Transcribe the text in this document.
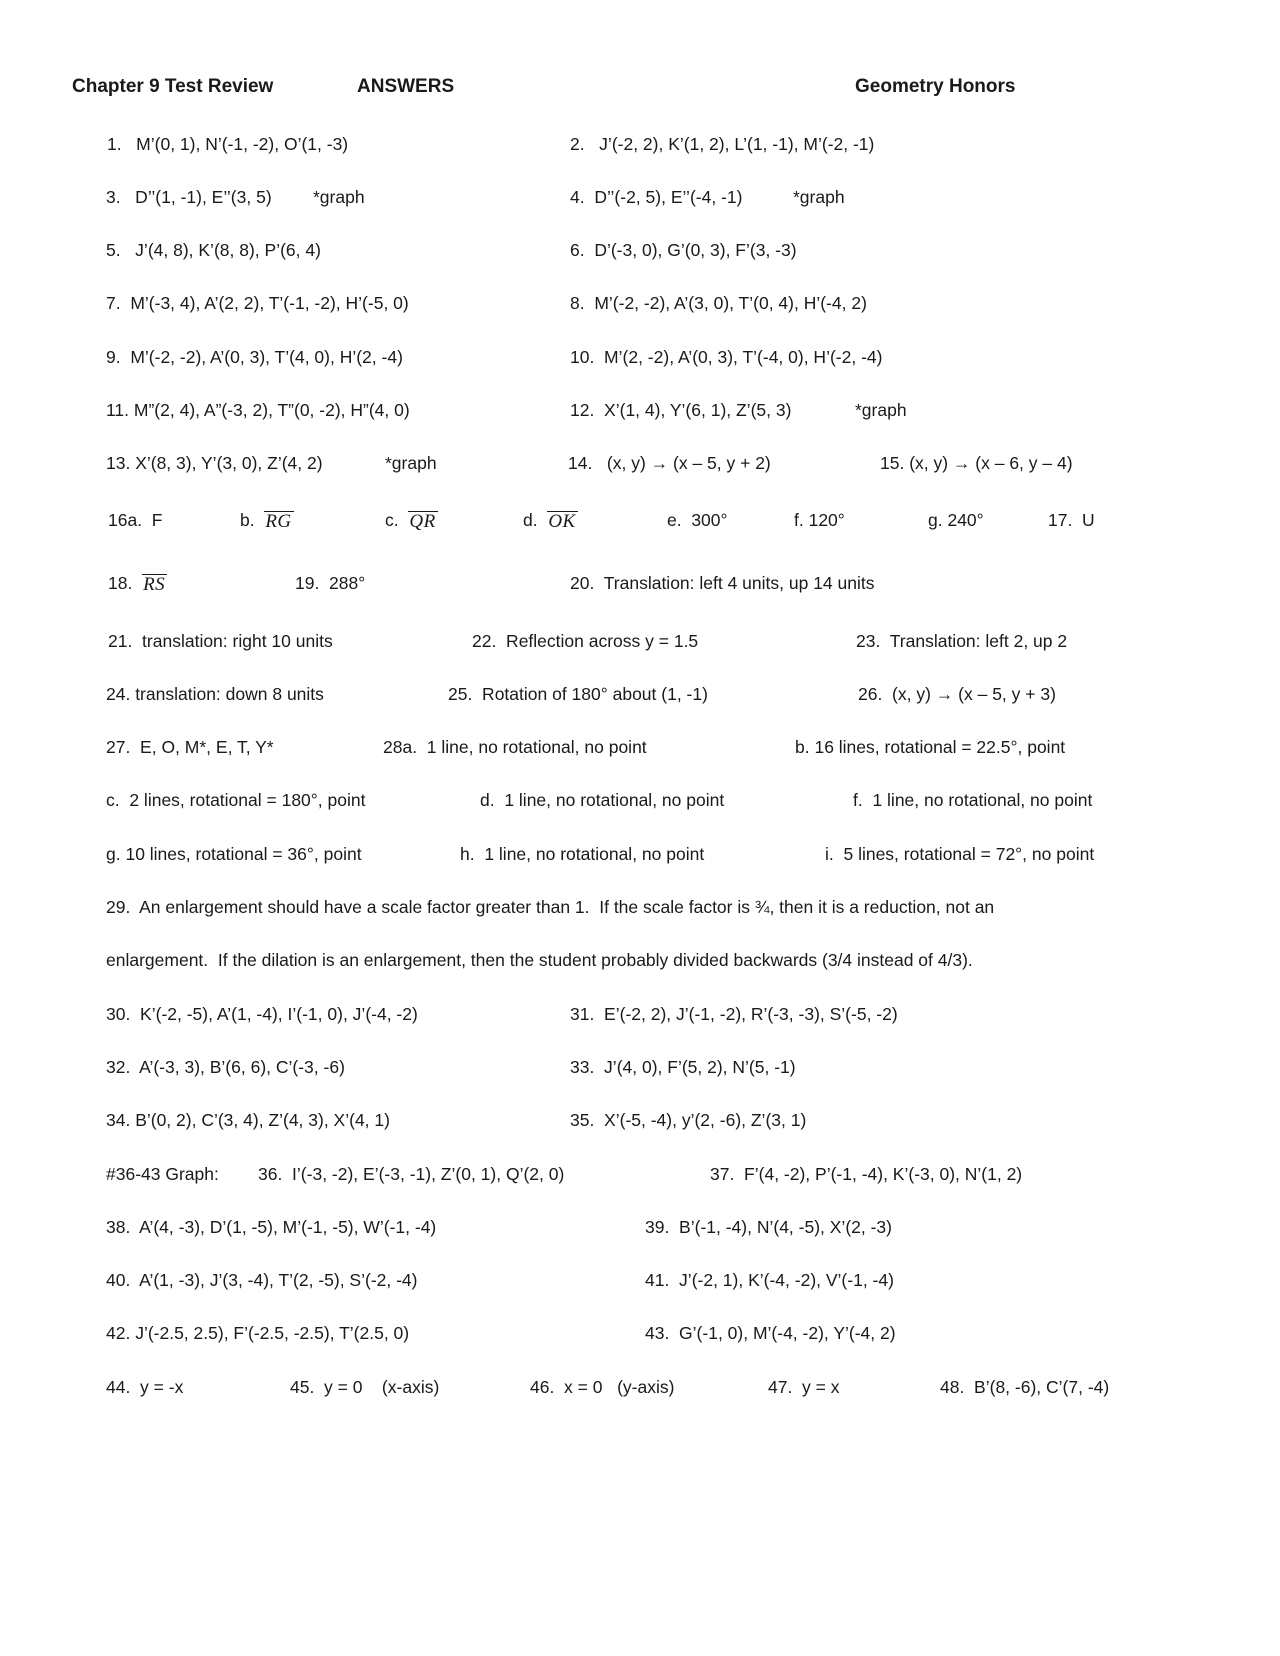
Chapter 9 Test Review	ANSWERS	Geometry Honors
1.   M’(0, 1), N’(-1, -2), O’(1, -3)	2.   J’(-2, 2), K’(1, 2), L’(1, -1), M’(-2, -1)
3.   D’’(1, -1), E’’(3, 5) *graph	4.  D’’(-2, 5), E’’(-4, -1)	*graph
5.   J’(4, 8), K’(8, 8), P’(6, 4)	6.  D’(-3, 0), G’(0, 3), F’(3, -3)
7.  M’(-3, 4), A’(2, 2), T’(-1, -2), H’(-5, 0)	8.  M’(-2, -2), A’(3, 0), T’(0, 4), H’(-4, 2)
9.  M’(-2, -2), A’(0, 3), T’(4, 0), H’(2, -4)	10.  M’(2, -2), A’(0, 3), T’(-4, 0), H’(-2, -4)
11. M”(2, 4), A”(-3, 2), T”(0, -2), H”(4, 0)	12.  X’(1, 4), Y’(6, 1), Z’(5, 3)	*graph
13. X’(8, 3), Y’(3, 0), Z’(4, 2)	*graph	14.   (x, y) → (x – 5, y + 2)	15. (x, y) → (x – 6, y – 4)
16a.  F	b.  RG	c.  QR	d.  OK	e.  300°	f. 120°	g. 240°	17.  U
18.  RS	19.  288°	20.  Translation: left 4 units, up 14 units
21.  translation: right 10 units	22.  Reflection across y = 1.5	23.  Translation: left 2, up 2
24. translation: down 8 units	25.  Rotation of 180° about (1, -1)	26.  (x, y) → (x – 5, y + 3)
27.  E, O, M*, E, T, Y*	28a.  1 line, no rotational, no point	b. 16 lines, rotational = 22.5°, point
c.  2 lines, rotational = 180°, point	d.  1 line, no rotational, no point	f.  1 line, no rotational, no point
g. 10 lines, rotational = 36°, point	h.  1 line, no rotational, no point	i.  5 lines, rotational = 72°, no point
29.  An enlargement should have a scale factor greater than 1.  If the scale factor is ¾, then it is a reduction, not an
enlargement.  If the dilation is an enlargement, then the student probably divided backwards (3/4 instead of 4/3).
30.  K’(-2, -5), A’(1, -4), I’(-1, 0), J’(-4, -2)	31.  E’(-2, 2), J’(-1, -2), R’(-3, -3), S’(-5, -2)
32.  A’(-3, 3), B’(6, 6), C’(-3, -6)	33.  J’(4, 0), F’(5, 2), N’(5, -1)
34. B’(0, 2), C’(3, 4), Z’(4, 3), X’(4, 1)	35.  X’(-5, -4), y’(2, -6), Z’(3, 1)
#36-43 Graph: 36.  I’(-3, -2), E’(-3, -1), Z’(0, 1), Q’(2, 0)	37.  F’(4, -2), P’(-1, -4), K’(-3, 0), N’(1, 2)
38.  A’(4, -3), D’(1, -5), M’(-1, -5), W’(-1, -4)	39.  B’(-1, -4), N’(4, -5), X’(2, -3)
40.  A’(1, -3), J’(3, -4), T’(2, -5), S’(-2, -4)	41.  J’(-2, 1), K’(-4, -2), V’(-1, -4)
42. J’(-2.5, 2.5), F’(-2.5, -2.5), T’(2.5, 0)	43.  G’(-1, 0), M’(-4, -2), Y’(-4, 2)
44.  y = -x	45.  y = 0    (x-axis)	46.  x = 0   (y-axis)	47.  y = x	48.  B’(8, -6), C’(7, -4)
